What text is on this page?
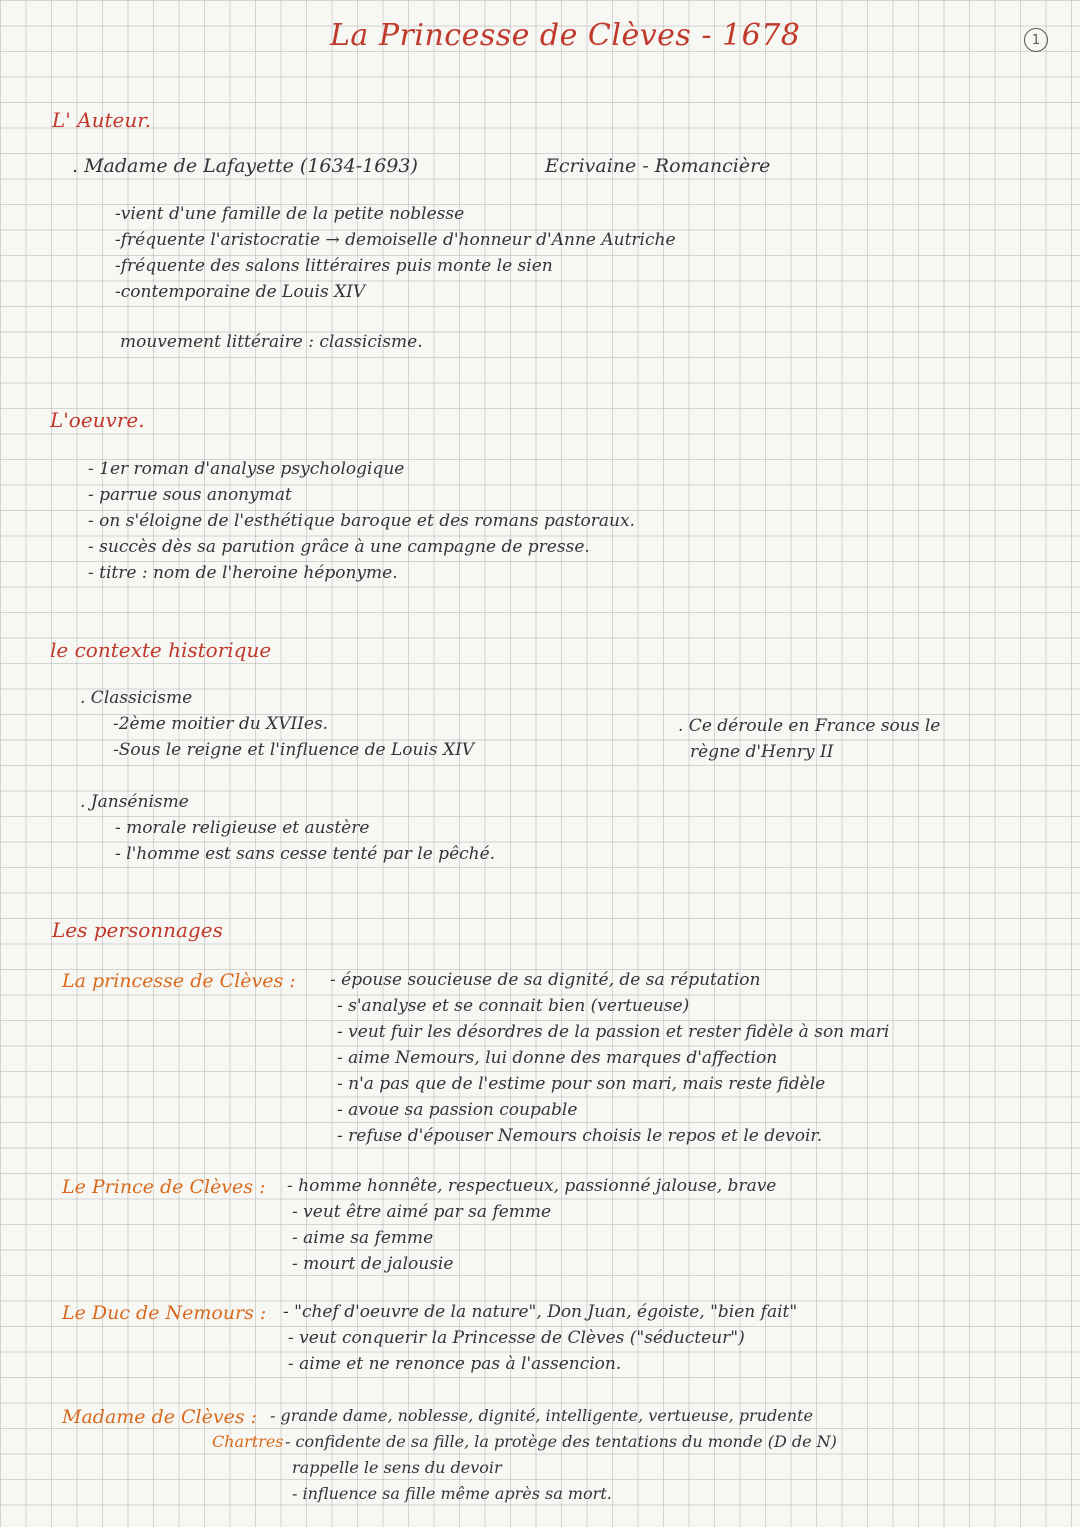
La Princesse de Clèves - 1678	1
L' Auteur.
. Madame de Lafayette (1634-1693)	Ecrivaine - Romancière
-vient d'une famille de la petite noblesse
-fréquente l'aristocratie → demoiselle d'honneur d'Anne Autriche
-fréquente des salons littéraires puis monte le sien
-contemporaine de Louis XIV
mouvement littéraire : classicisme.
L'oeuvre.
- 1er roman d'analyse psychologique
- parrue sous anonymat
- on s'éloigne de l'esthétique baroque et des romans pastoraux.
- succès dès sa parution grâce à une campagne de presse.
- titre : nom de l'heroine héponyme.
le contexte historique
. Classicisme
-2ème moitier du XVIIes.
-Sous le reigne et l'influence de Louis XIV
. Ce déroule en France sous le
règne d'Henry II
. Jansénisme
- morale religieuse et austère
- l'homme est sans cesse tenté par le pêché.
Les personnages
La princesse de Clèves : - épouse soucieuse de sa dignité, de sa réputation
- s'analyse et se connait bien (vertueuse)
- veut fuir les désordres de la passion et rester fidèle à son mari
- aime Nemours, lui donne des marques d'affection
- n'a pas que de l'estime pour son mari, mais reste fidèle
- avoue sa passion coupable
- refuse d'épouser Nemours choisis le repos et le devoir.
Le Prince de Clèves : - homme honnête, respectueux, passionné jalouse, brave
- veut être aimé par sa femme
- aime sa femme
- mourt de jalousie
Le Duc de Nemours : - "chef d'oeuvre de la nature", Don Juan, égoiste, "bien fait"
- veut conquerir la Princesse de Clèves ("séducteur")
- aime et ne renonce pas à l'assencion.
Madame de Clèves :
Chartres
- grande dame, noblesse, dignité, intelligente, vertueuse, prudente
- confidente de sa fille, la protège des tentations du monde (D de N)
rappelle le sens du devoir
- influence sa fille même après sa mort.
